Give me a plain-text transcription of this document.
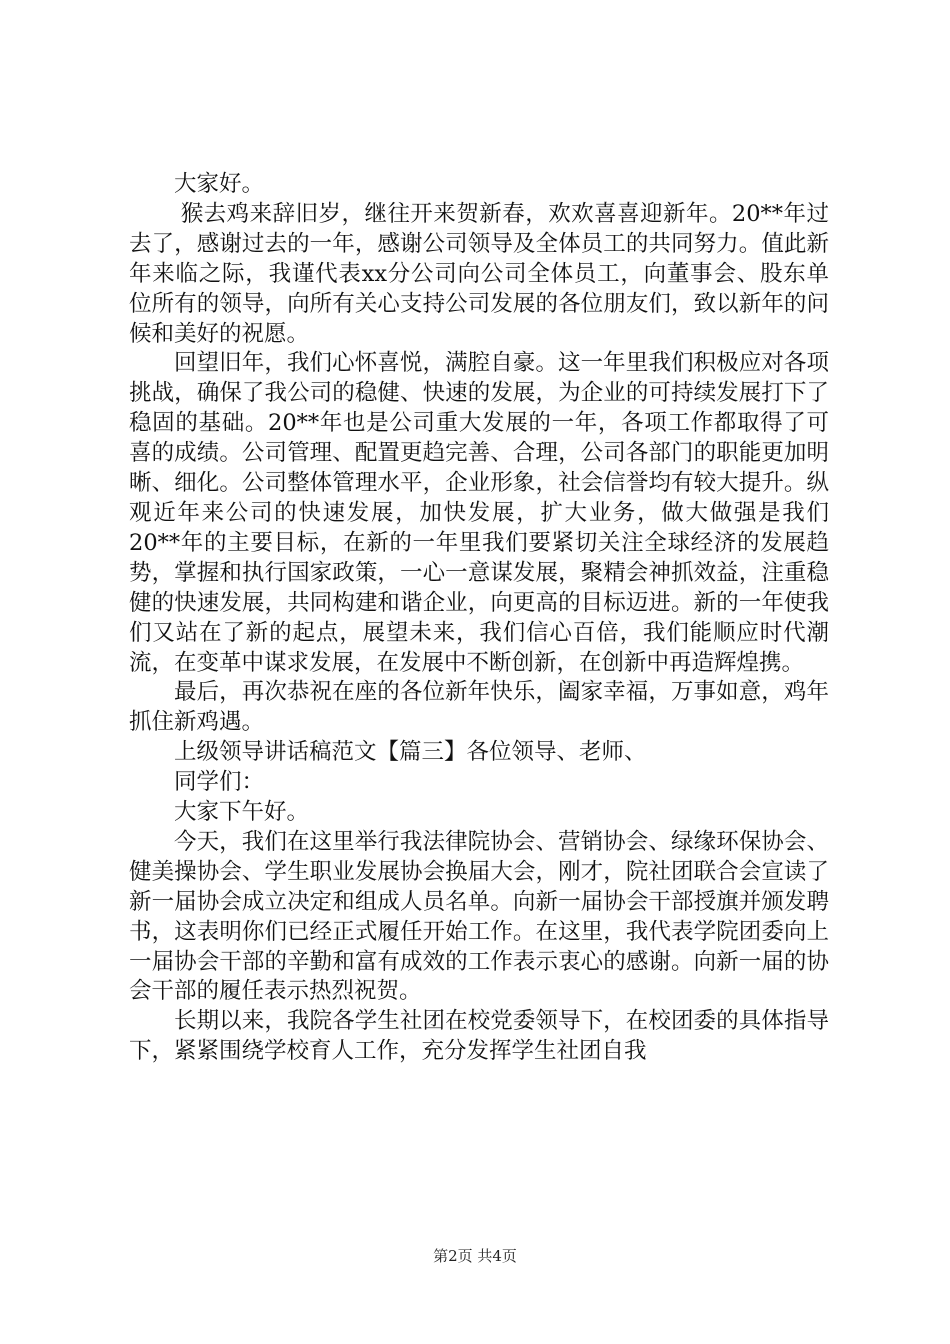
大家好。

猴去鸡来辞旧岁，继往开来贺新春，欢欢喜喜迎新年。20**年过去了，感谢过去的一年，感谢公司领导及全体员工的共同努力。值此新年来临之际，我谨代表xx分公司向公司全体员工，向董事会、股东单位所有的领导，向所有关心支持公司发展的各位朋友们，致以新年的问候和美好的祝愿。

回望旧年，我们心怀喜悦，满腔自豪。这一年里我们积极应对各项挑战，确保了我公司的稳健、快速的发展，为企业的可持续发展打下了稳固的基础。20**年也是公司重大发展的一年，各项工作都取得了可喜的成绩。公司管理、配置更趋完善、合理，公司各部门的职能更加明晰、细化。公司整体管理水平，企业形象，社会信誉均有较大提升。纵观近年来公司的快速发展，加快发展，扩大业务，做大做强是我们20**年的主要目标，在新的一年里我们要紧切关注全球经济的发展趋势，掌握和执行国家政策，一心一意谋发展，聚精会神抓效益，注重稳健的快速发展，共同构建和谐企业，向更高的目标迈进。新的一年使我们又站在了新的起点，展望未来，我们信心百倍，我们能顺应时代潮流，在变革中谋求发展，在发展中不断创新，在创新中再造辉煌携。

最后，再次恭祝在座的各位新年快乐，阖家幸福，万事如意，鸡年抓住新鸡遇。

上级领导讲话稿范文【篇三】各位领导、老师、

同学们：

大家下午好。

今天，我们在这里举行我法律院协会、营销协会、绿缘环保协会、健美操协会、学生职业发展协会换届大会，刚才，院社团联合会宣读了新一届协会成立决定和组成人员名单。向新一届协会干部授旗并颁发聘书，这表明你们已经正式履任开始工作。在这里，我代表学院团委向上一届协会干部的辛勤和富有成效的工作表示衷心的感谢。向新一届的协会干部的履任表示热烈祝贺。

长期以来，我院各学生社团在校党委领导下，在校团委的具体指导下，紧紧围绕学校育人工作，充分发挥学生社团自我

第2页 共4页
